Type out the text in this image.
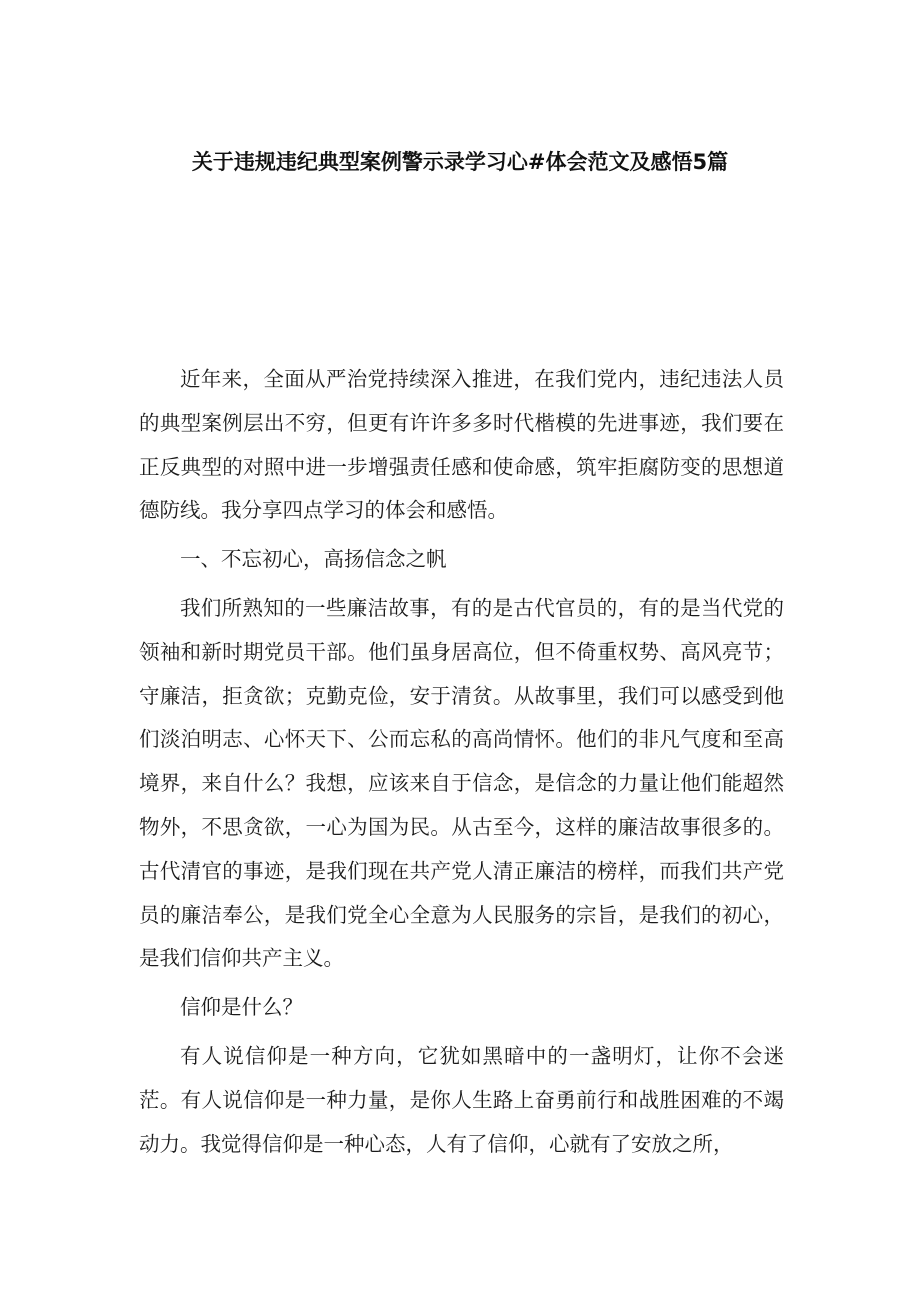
关于违规违纪典型案例警示录学习心#体会范文及感悟5篇

近年来，全面从严治党持续深入推进，在我们党内，违纪违法人员的典型案例层出不穷，但更有许许多多时代楷模的先进事迹，我们要在正反典型的对照中进一步增强责任感和使命感，筑牢拒腐防变的思想道德防线。我分享四点学习的体会和感悟。

一、不忘初心，高扬信念之帆

我们所熟知的一些廉洁故事，有的是古代官员的，有的是当代党的领袖和新时期党员干部。他们虽身居高位，但不倚重权势、高风亮节；守廉洁，拒贪欲；克勤克俭，安于清贫。从故事里，我们可以感受到他们淡泊明志、心怀天下、公而忘私的高尚情怀。他们的非凡气度和至高境界，来自什么？我想，应该来自于信念，是信念的力量让他们能超然物外，不思贪欲，一心为国为民。从古至今，这样的廉洁故事很多的。古代清官的事迹，是我们现在共产党人清正廉洁的榜样，而我们共产党员的廉洁奉公，是我们党全心全意为人民服务的宗旨，是我们的初心，是我们信仰共产主义。

信仰是什么？

有人说信仰是一种方向，它犹如黑暗中的一盏明灯，让你不会迷茫。有人说信仰是一种力量，是你人生路上奋勇前行和战胜困难的不竭动力。我觉得信仰是一种心态，人有了信仰，心就有了安放之所，
